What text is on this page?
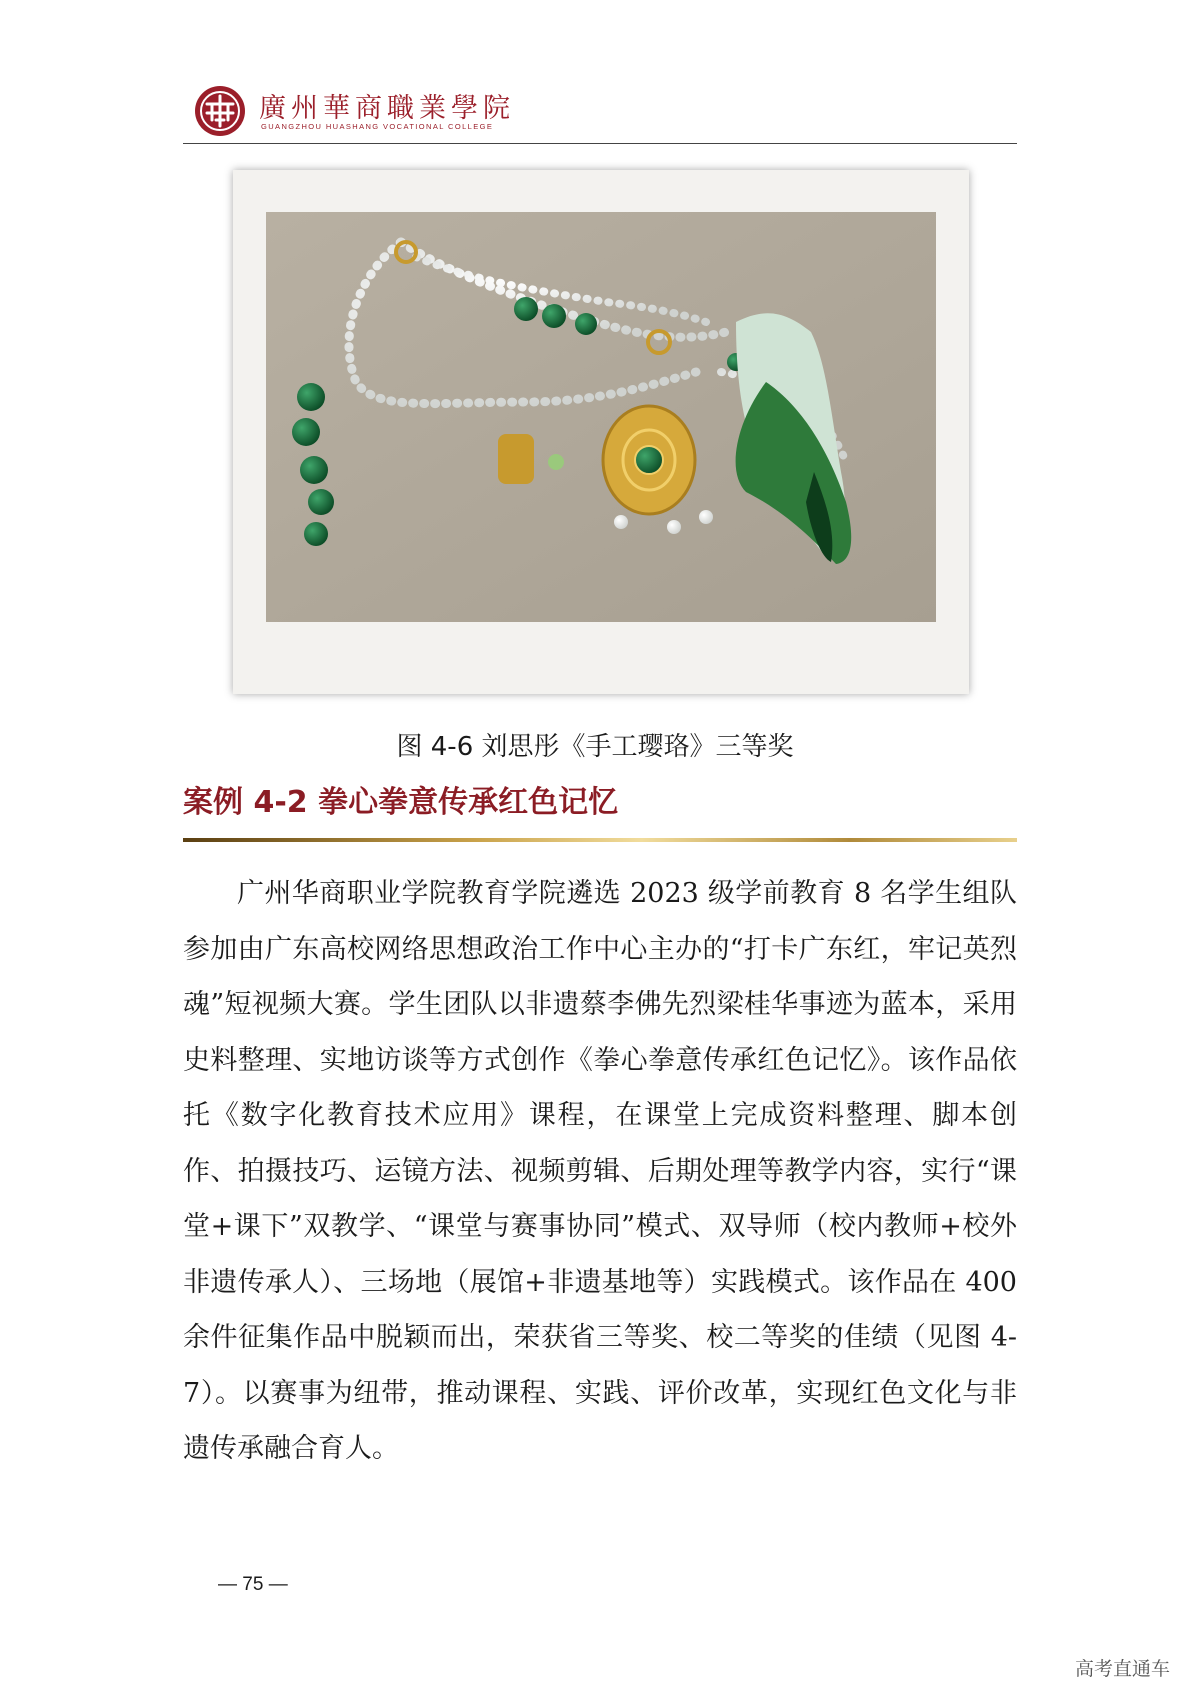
廣州華商職業學院
GUANGZHOU HUASHANG VOCATIONAL COLLEGE
图 4-6 刘思彤《手工璎珞》三等奖
案例 4-2 拳心拳意传承红色记忆

广州华商职业学院教育学院遴选 2023 级学前教育 8 名学生组队参加由广东高校网络思想政治工作中心主办的“打卡广东红，牢记英烈魂”短视频大赛。学生团队以非遗蔡李佛先烈梁桂华事迹为蓝本，采用史料整理、实地访谈等方式创作《拳心拳意传承红色记忆》。该作品依托《数字化教育技术应用》课程，在课堂上完成资料整理、脚本创作、拍摄技巧、运镜方法、视频剪辑、后期处理等教学内容，实行“课堂+课下”双教学、“课堂与赛事协同”模式、双导师（校内教师+校外非遗传承人）、三场地（展馆+非遗基地等）实践模式。该作品在 400 余件征集作品中脱颖而出，荣获省三等奖、校二等奖的佳绩（见图 4-7）。以赛事为纽带，推动课程、实践、评价改革，实现红色文化与非遗传承融合育人。

— 75 —
高考直通车
